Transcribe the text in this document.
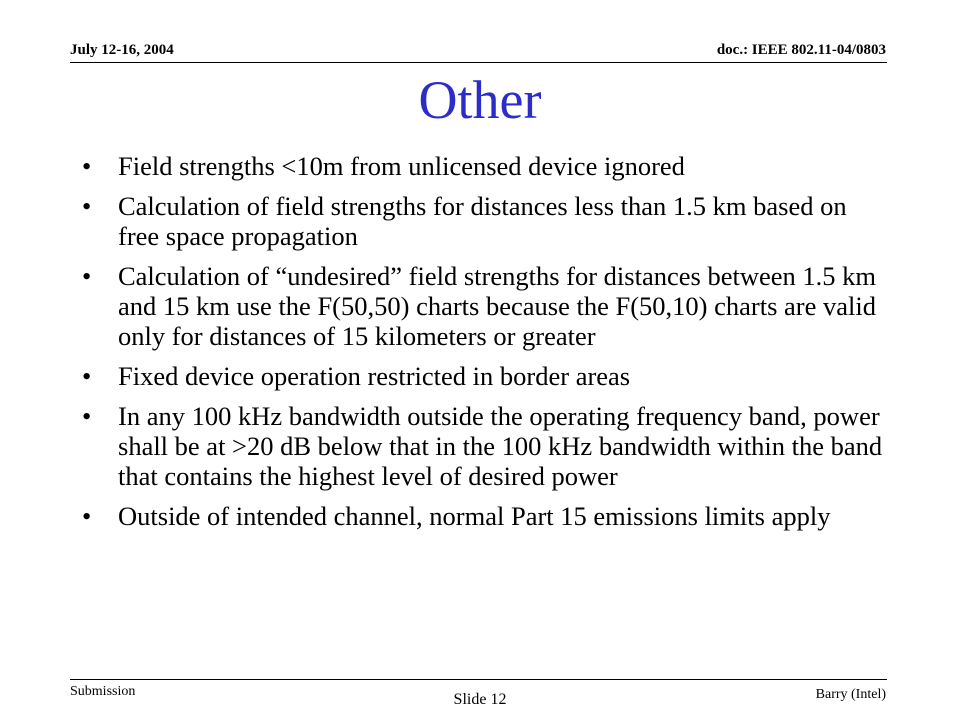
July 12-16, 2004	doc.: IEEE 802.11-04/0803
Other
• Field strengths <10m from unlicensed device ignored
• Calculation of field strengths for distances less than 1.5 km based on free space propagation
• Calculation of “undesired” field strengths for distances between 1.5 km and 15 km use the F(50,50) charts because the F(50,10) charts are valid only for distances of 15 kilometers or greater
• Fixed device operation restricted in border areas
• In any 100 kHz bandwidth outside the operating frequency band, power shall be at >20 dB below that in the 100 kHz bandwidth within the band that contains the highest level of desired power
• Outside of intended channel, normal Part 15 emissions limits apply
Submission	Slide 12	Barry (Intel)
